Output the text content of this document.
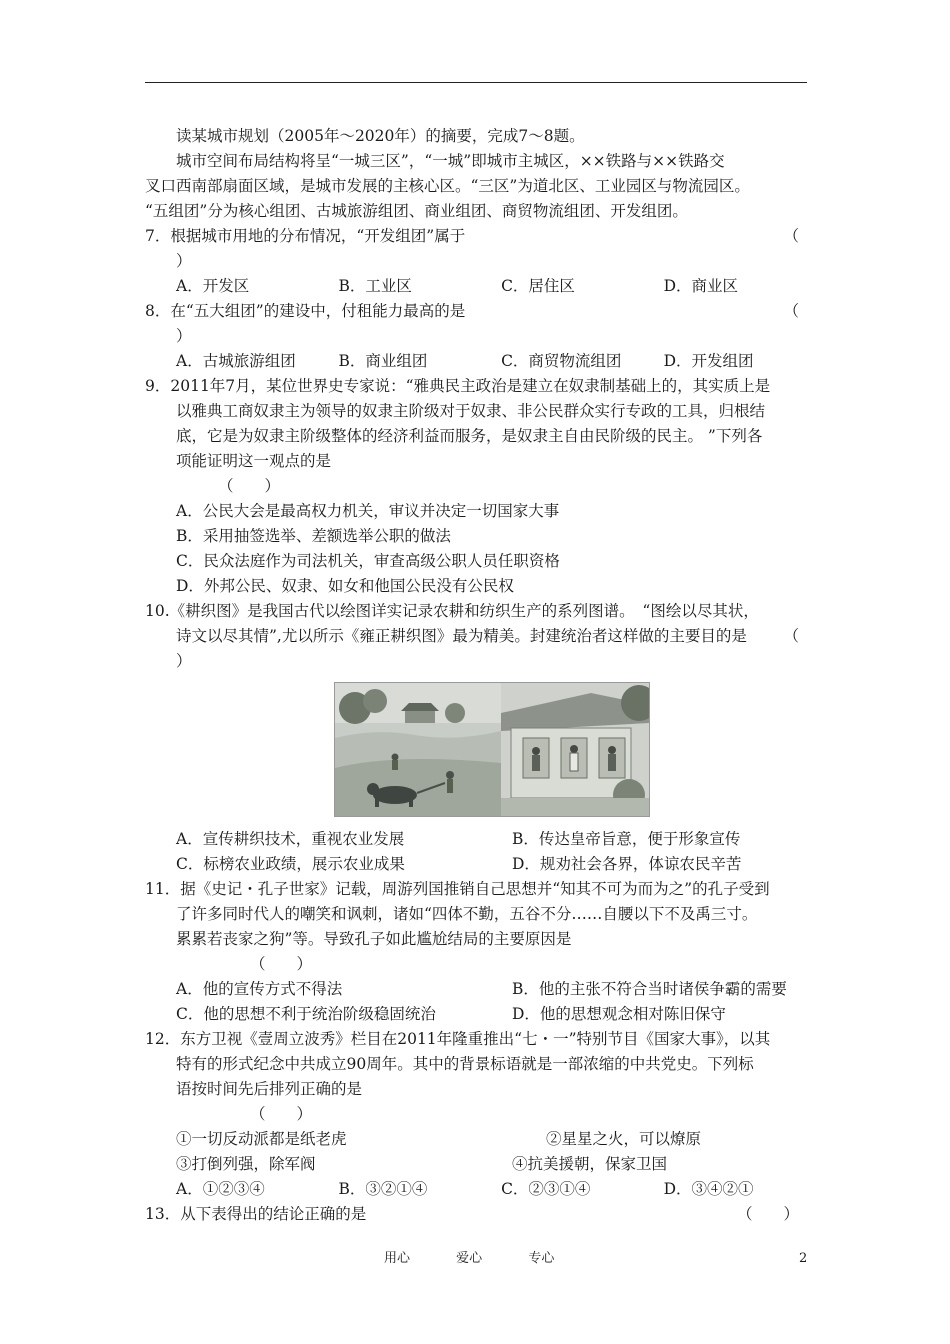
读某城市规划（2005年～2020年）的摘要，完成7～8题。
城市空间布局结构将呈“一城三区”，“一城”即城市主城区，××铁路与××铁路交
叉口西南部扇面区域，是城市发展的主核心区。“三区”为道北区、工业园区与物流园区。
“五组团”分为核心组团、古城旅游组团、商业组团、商贸物流组团、开发组团。
7．根据城市用地的分布情况，“开发组团”属于	（
）
A．开发区	B．工业区	C．居住区	D．商业区
8．在“五大组团”的建设中，付租能力最高的是	（
）
A．古城旅游组团	B．商业组团	C．商贸物流组团	D．开发组团
9．2011年7月，某位世界史专家说：“雅典民主政治是建立在奴隶制基础上的，其实质上是
以雅典工商奴隶主为领导的奴隶主阶级对于奴隶、非公民群众实行专政的工具，归根结
底，它是为奴隶主阶级整体的经济利益而服务，是奴隶主自由民阶级的民主。 ”下列各
项能证明这一观点的是
（　　）
A．公民大会是最高权力机关，审议并决定一切国家大事
B．采用抽签选举、差额选举公职的做法
C．民众法庭作为司法机关，审查高级公职人员任职资格
D．外邦公民、奴隶、如女和他国公民没有公民权
10.《耕织图》是我国古代以绘图详实记录农耕和纺织生产的系列图谱。　“图绘以尽其状，
诗文以尽其情”,尤以所示《雍正耕织图》最为精美。封建统治者这样做的主要目的是 （
）
A．宣传耕织技术，重视农业发展	B．传达皇帝旨意，便于形象宣传
C．标榜农业政绩，展示农业成果	D．规劝社会各界，体谅农民辛苦
11．据《史记・孔子世家》记载，周游列国推销自己思想并“知其不可为而为之”的孔子受到
了许多同时代人的嘲笑和讽刺，诸如“四体不勤，五谷不分……自腰以下不及禹三寸。
累累若丧家之狗”等。导致孔子如此尴尬结局的主要原因是
（　　）
A．他的宣传方式不得法	B．他的主张不符合当时诸侯争霸的需要
C．他的思想不利于统治阶级稳固统治	D．他的思想观念相对陈旧保守
12．东方卫视《壹周立波秀》栏目在2011年隆重推出“七・一”特别节目《国家大事》，以其
特有的形式纪念中共成立90周年。其中的背景标语就是一部浓缩的中共党史。下列标
语按时间先后排列正确的是
（　　）
①一切反动派都是纸老虎	②星星之火，可以燎原
③打倒列强，除军阀	④抗美援朝，保家卫国
A．①②③④	B．③②①④	C．②③①④	D．③④②①
13．从下表得出的结论正确的是	（　　）
用心	爱心	专心	2
